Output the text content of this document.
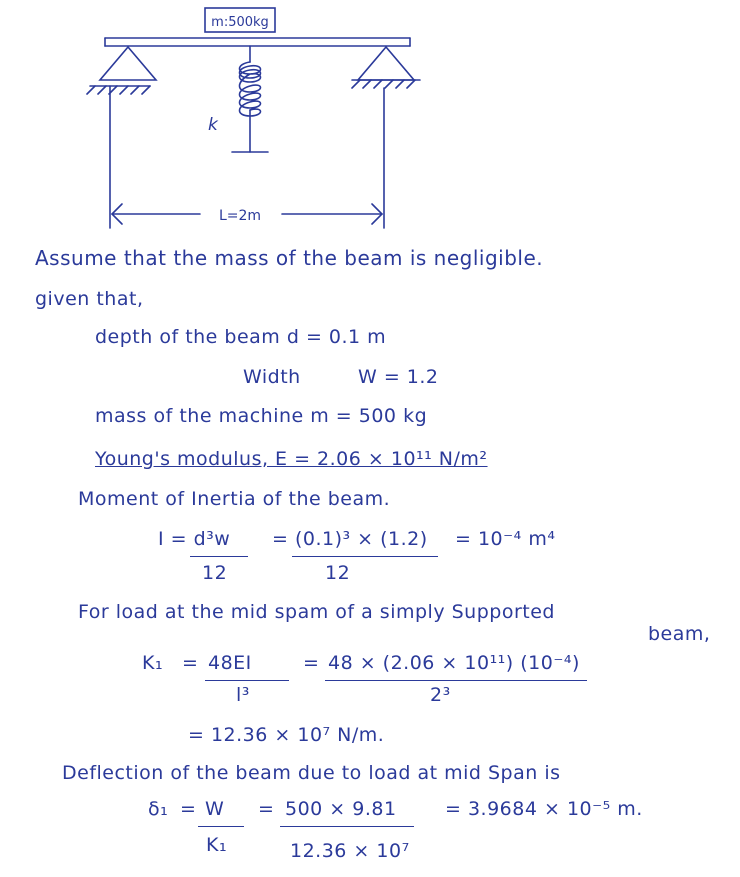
m:500kg
k
L=2m
Assume that the mass of the beam is negligible.
given that,
depth of the beam d = 0.1 m
Width	W = 1.2
mass of the machine m = 500 kg
Young's modulus, E = 2.06 × 10¹¹ N/m²
Moment of Inertia of the beam.
I = d³w
12
= (0.1)³ × (1.2)
12
= 10⁻⁴ m⁴
For load at the mid spam of a simply Supported
beam,
K₁ = 48EI
l³
= 48 × (2.06 × 10¹¹) (10⁻⁴)
2³
= 12.36 × 10⁷ N/m.
Deflection of the beam due to load at mid Span is
δ₁ = W
K₁
= 500 × 9.81
12.36 × 10⁷
= 3.9684 × 10⁻⁵ m.
